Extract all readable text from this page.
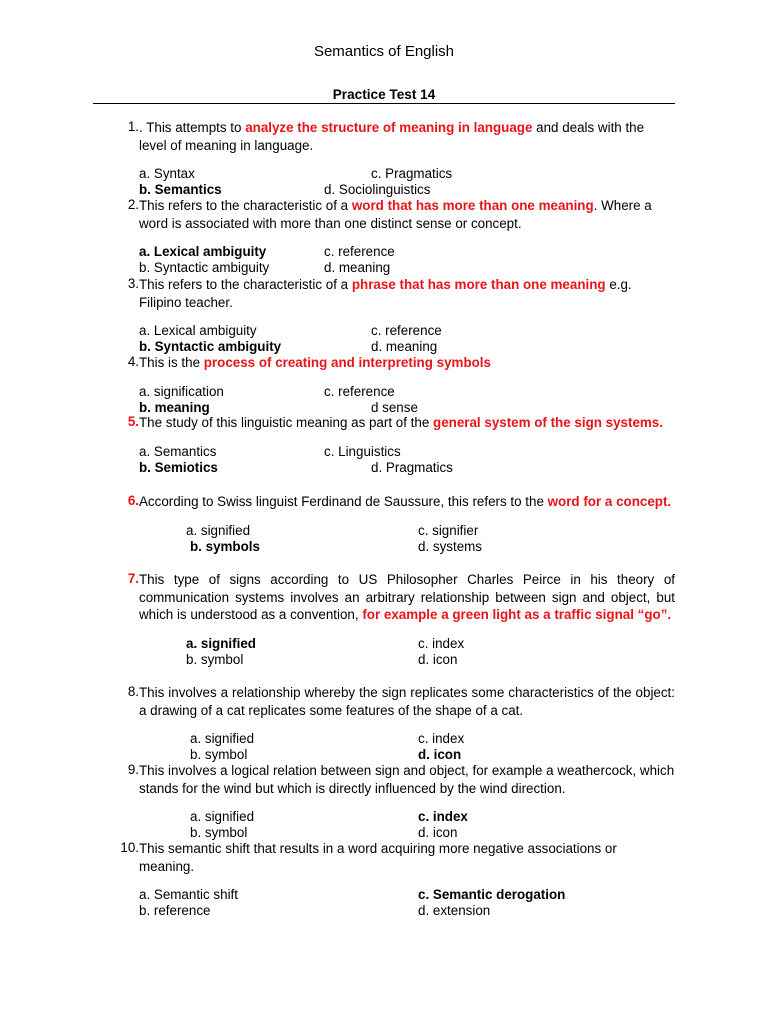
Semantics of English
Practice Test 14
1. . This attempts to analyze the structure of meaning in language and deals with the level of meaning in language.
a. Syntax
b. Semantics
c. Pragmatics
d. Sociolinguistics
2. This refers to the characteristic of a word that has more than one meaning. Where a word is associated with more than one distinct sense or concept.
a. Lexical ambiguity
b. Syntactic ambiguity
c. reference
d. meaning
3. This refers to the characteristic of a phrase that has more than one meaning e.g. Filipino teacher.
a. Lexical ambiguity
b. Syntactic ambiguity
c. reference
d. meaning
4. This is the process of creating and interpreting symbols
a. signification
b. meaning
c. reference
d sense
5. The study of this linguistic meaning as part of the general system of the sign systems.
a. Semantics
b. Semiotics
c. Linguistics
d. Pragmatics
6. According to Swiss linguist Ferdinand de Saussure, this refers to the word for a concept.
a. signified
b. symbols
c. signifier
d. systems
7. This type of signs according to US Philosopher Charles Peirce in his theory of communication systems involves an arbitrary relationship between sign and object, but which is understood as a convention, for example a green light as a traffic signal “go”.
a. signified
b. symbol
c. index
d. icon
8. This involves a relationship whereby the sign replicates some characteristics of the object: a drawing of a cat replicates some features of the shape of a cat.
a. signified
b. symbol
c. index
d. icon
9. This involves a logical relation between sign and object, for example a weathercock, which stands for the wind but which is directly influenced by the wind direction.
a. signified
b. symbol
c. index
d. icon
10. This semantic shift that results in a word acquiring more negative associations or meaning.
a. Semantic shift
b. reference
c. Semantic derogation
d. extension
